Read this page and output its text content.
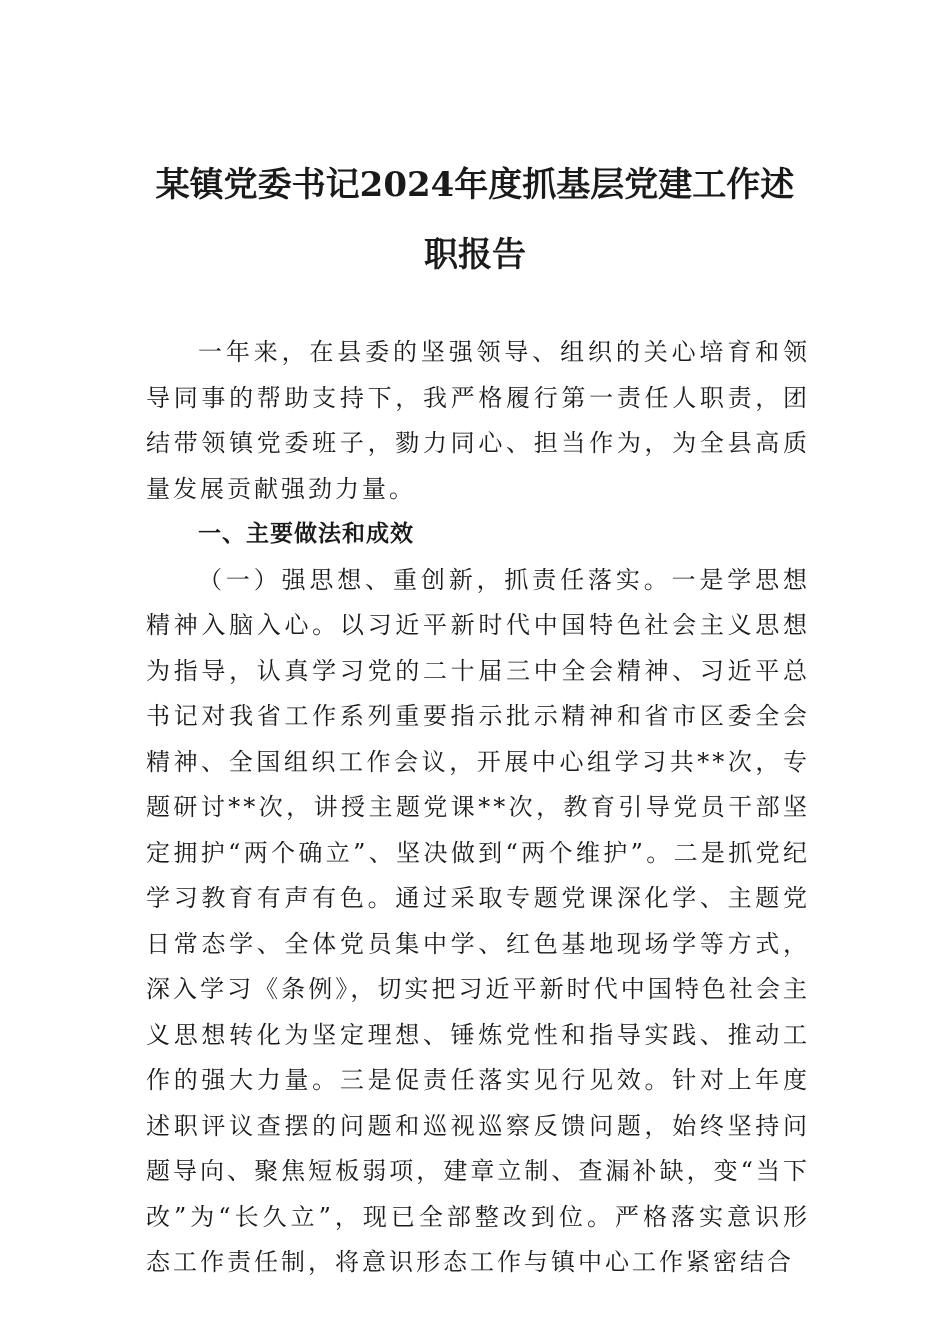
某镇党委书记2024年度抓基层党建工作述
职报告

一年来，在县委的坚强领导、组织的关心培育和领导同事的帮助支持下，我严格履行第一责任人职责，团结带领镇党委班子，勠力同心、担当作为，为全县高质量发展贡献强劲力量。

一、主要做法和成效

（一）强思想、重创新，抓责任落实。一是学思想精神入脑入心。以习近平新时代中国特色社会主义思想为指导，认真学习党的二十届三中全会精神、习近平总书记对我省工作系列重要指示批示精神和省市区委全会精神、全国组织工作会议，开展中心组学习共**次，专题研讨**次，讲授主题党课**次，教育引导党员干部坚定拥护“两个确立”、坚决做到“两个维护”。二是抓党纪学习教育有声有色。通过采取专题党课深化学、主题党日常态学、全体党员集中学、红色基地现场学等方式，深入学习《条例》，切实把习近平新时代中国特色社会主义思想转化为坚定理想、锤炼党性和指导实践、推动工作的强大力量。三是促责任落实见行见效。针对上年度述职评议查摆的问题和巡视巡察反馈问题，始终坚持问题导向、聚焦短板弱项，建章立制、查漏补缺，变“当下改”为“长久立”，现已全部整改到位。严格落实意识形态工作责任制，将意识形态工作与镇中心工作紧密结合
